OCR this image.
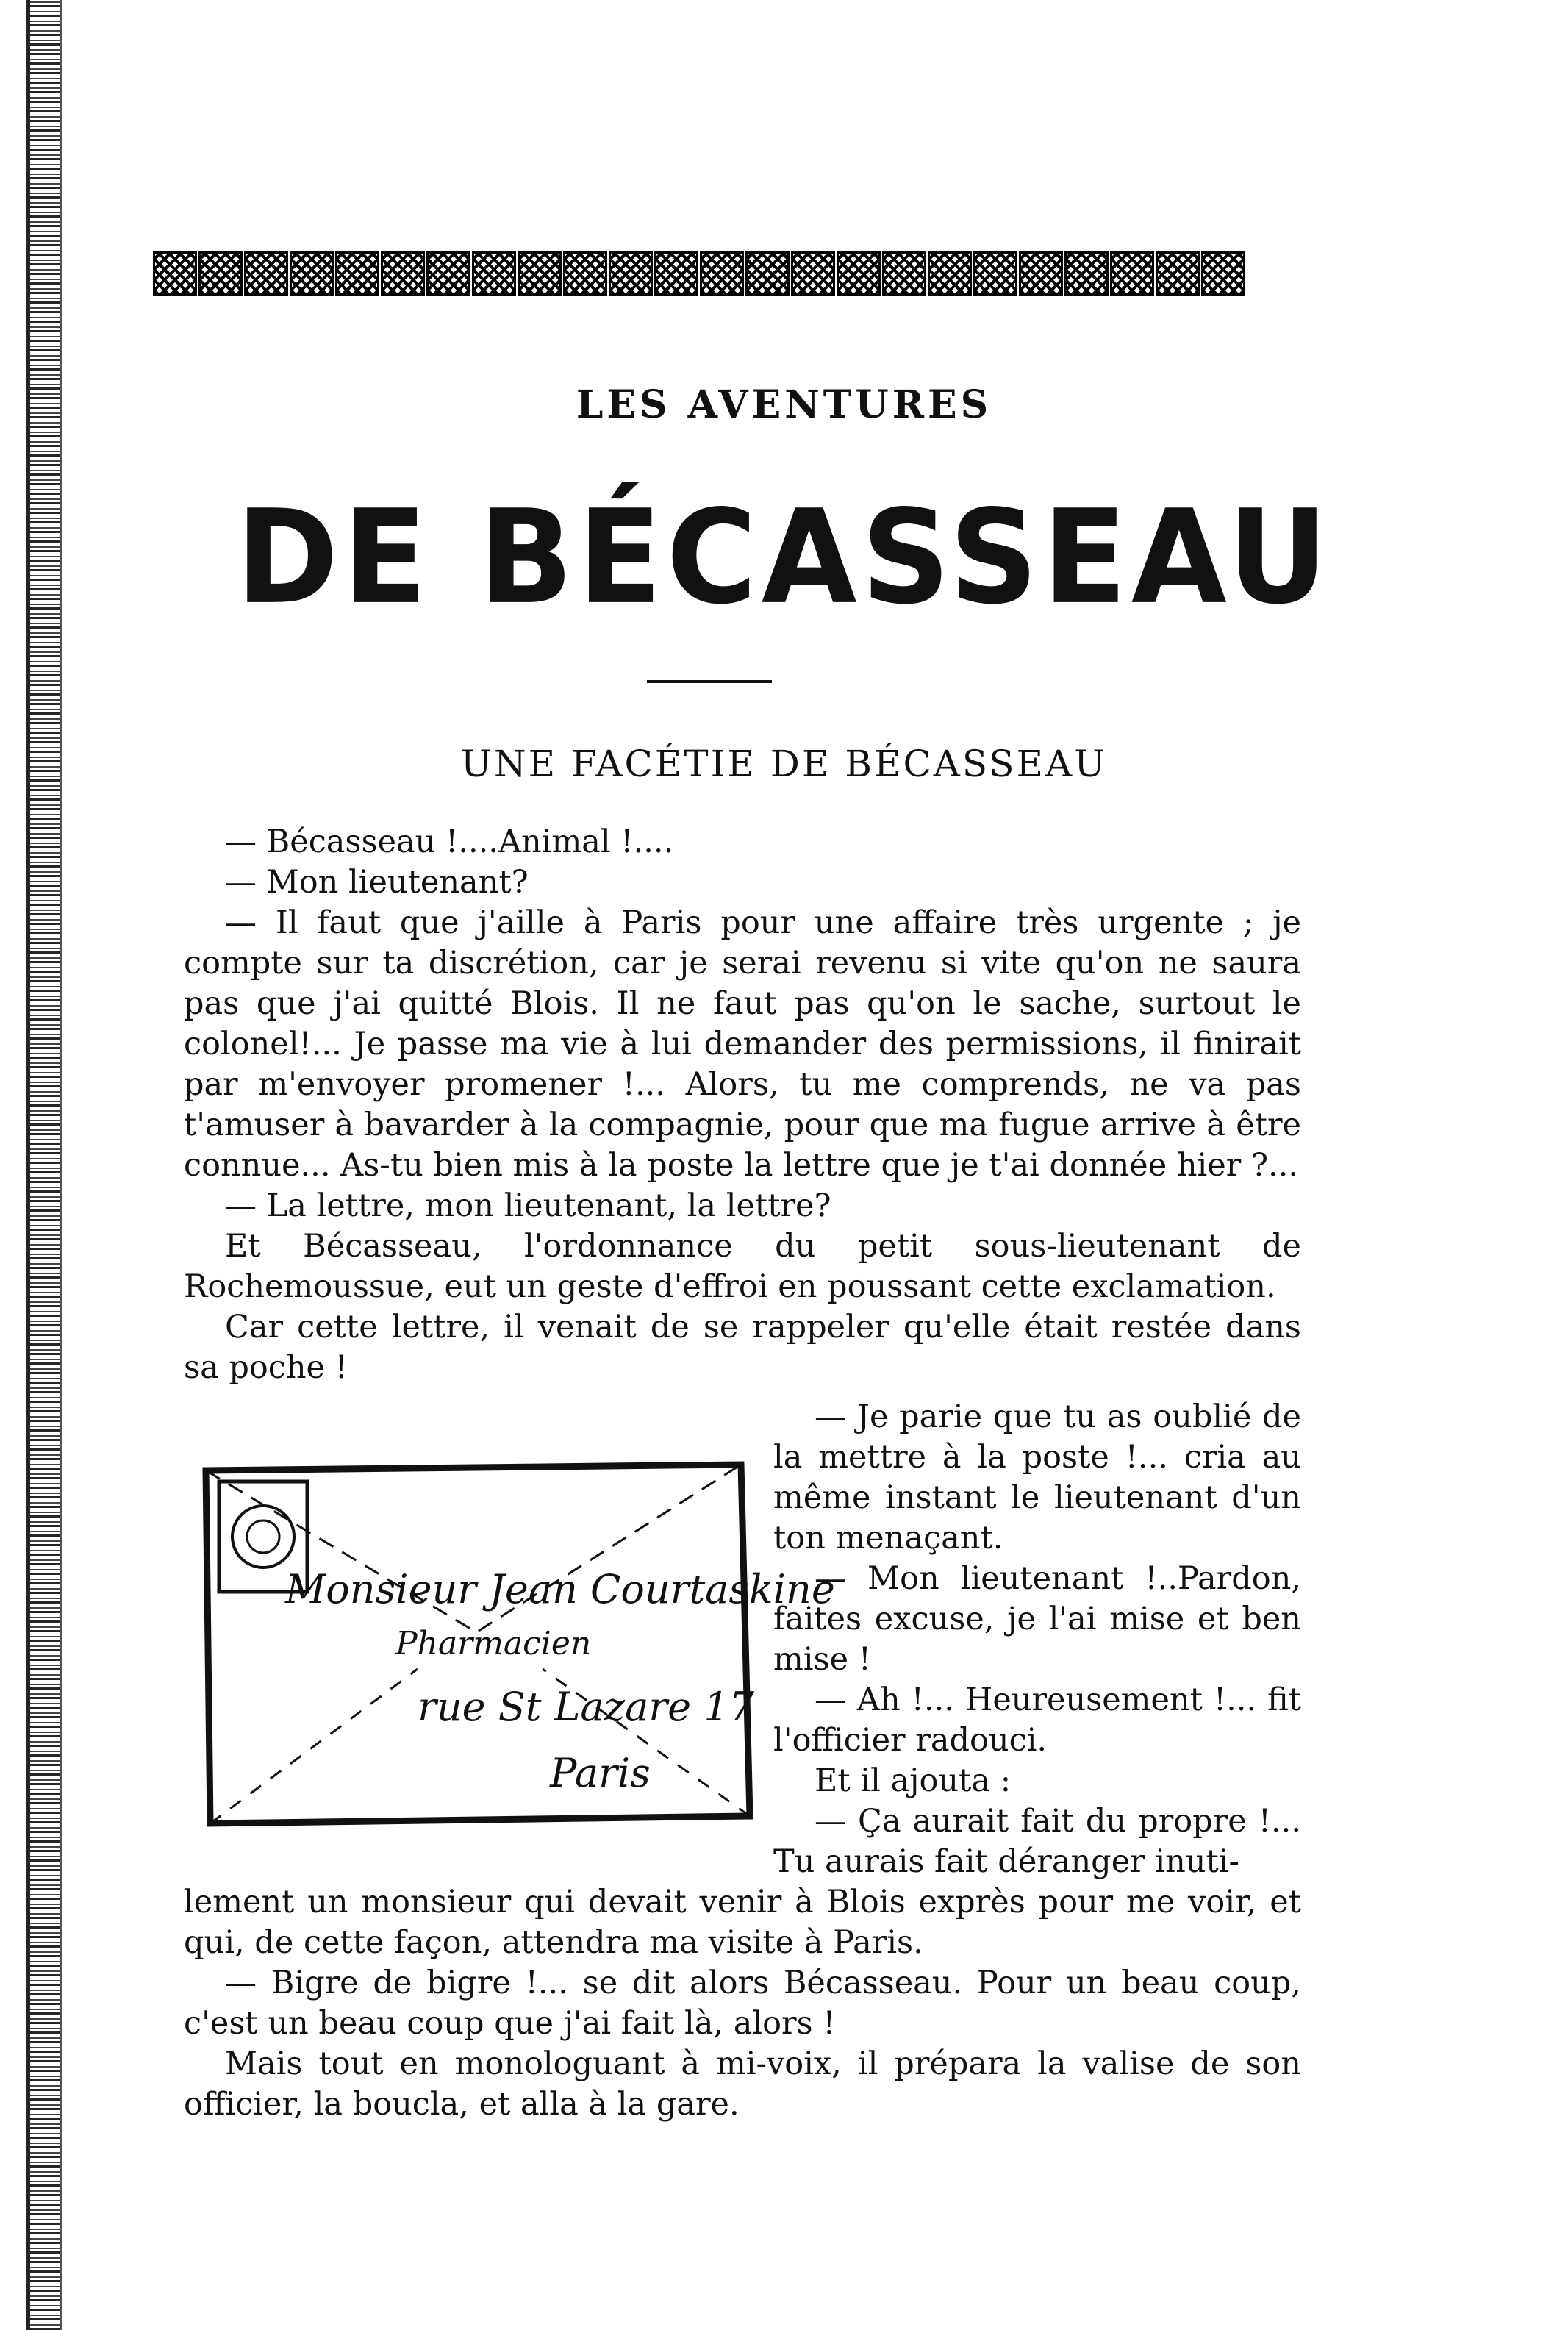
LES AVENTURES
DE BÉCASSEAU
UNE FACÉTIE DE BÉCASSEAU

— Bécasseau !....Animal !....

— Mon lieutenant?

— Il faut que j'aille à Paris pour une affaire très urgente ; je compte sur ta discrétion, car je serai revenu si vite qu'on ne saura pas que j'ai quitté Blois. Il ne faut pas qu'on le sache, surtout le colonel!... Je passe ma vie à lui demander des permissions, il finirait par m'envoyer promener !... Alors, tu me comprends, ne va pas t'amuser à bavarder à la compagnie, pour que ma fugue arrive à être connue... As-tu bien mis à la poste la lettre que je t'ai donnée hier ?...

— La lettre, mon lieutenant, la lettre?

Et Bécasseau, l'ordonnance du petit sous-lieutenant de Rochemoussue, eut un geste d'effroi en poussant cette exclamation.

Car cette lettre, il venait de se rappeler qu'elle était restée dans sa poche !

Monsieur Jean Courtaskine
Pharmacien
rue St Lazare 17
Paris

— Je parie que tu as oublié de la mettre à la poste !... cria au même instant le lieutenant d'un ton menaçant.

— Mon lieutenant !..Pardon, faites excuse, je l'ai mise et ben mise !

— Ah !... Heureusement !... fit l'officier radouci.

Et il ajouta :

— Ça aurait fait du propre !... Tu aurais fait déranger inuti-

lement un monsieur qui devait venir à Blois exprès pour me voir, et qui, de cette façon, attendra ma visite à Paris.

— Bigre de bigre !... se dit alors Bécasseau. Pour un beau coup, c'est un beau coup que j'ai fait là, alors !

Mais tout en monologuant à mi-voix, il prépara la valise de son officier, la boucla, et alla à la gare.
